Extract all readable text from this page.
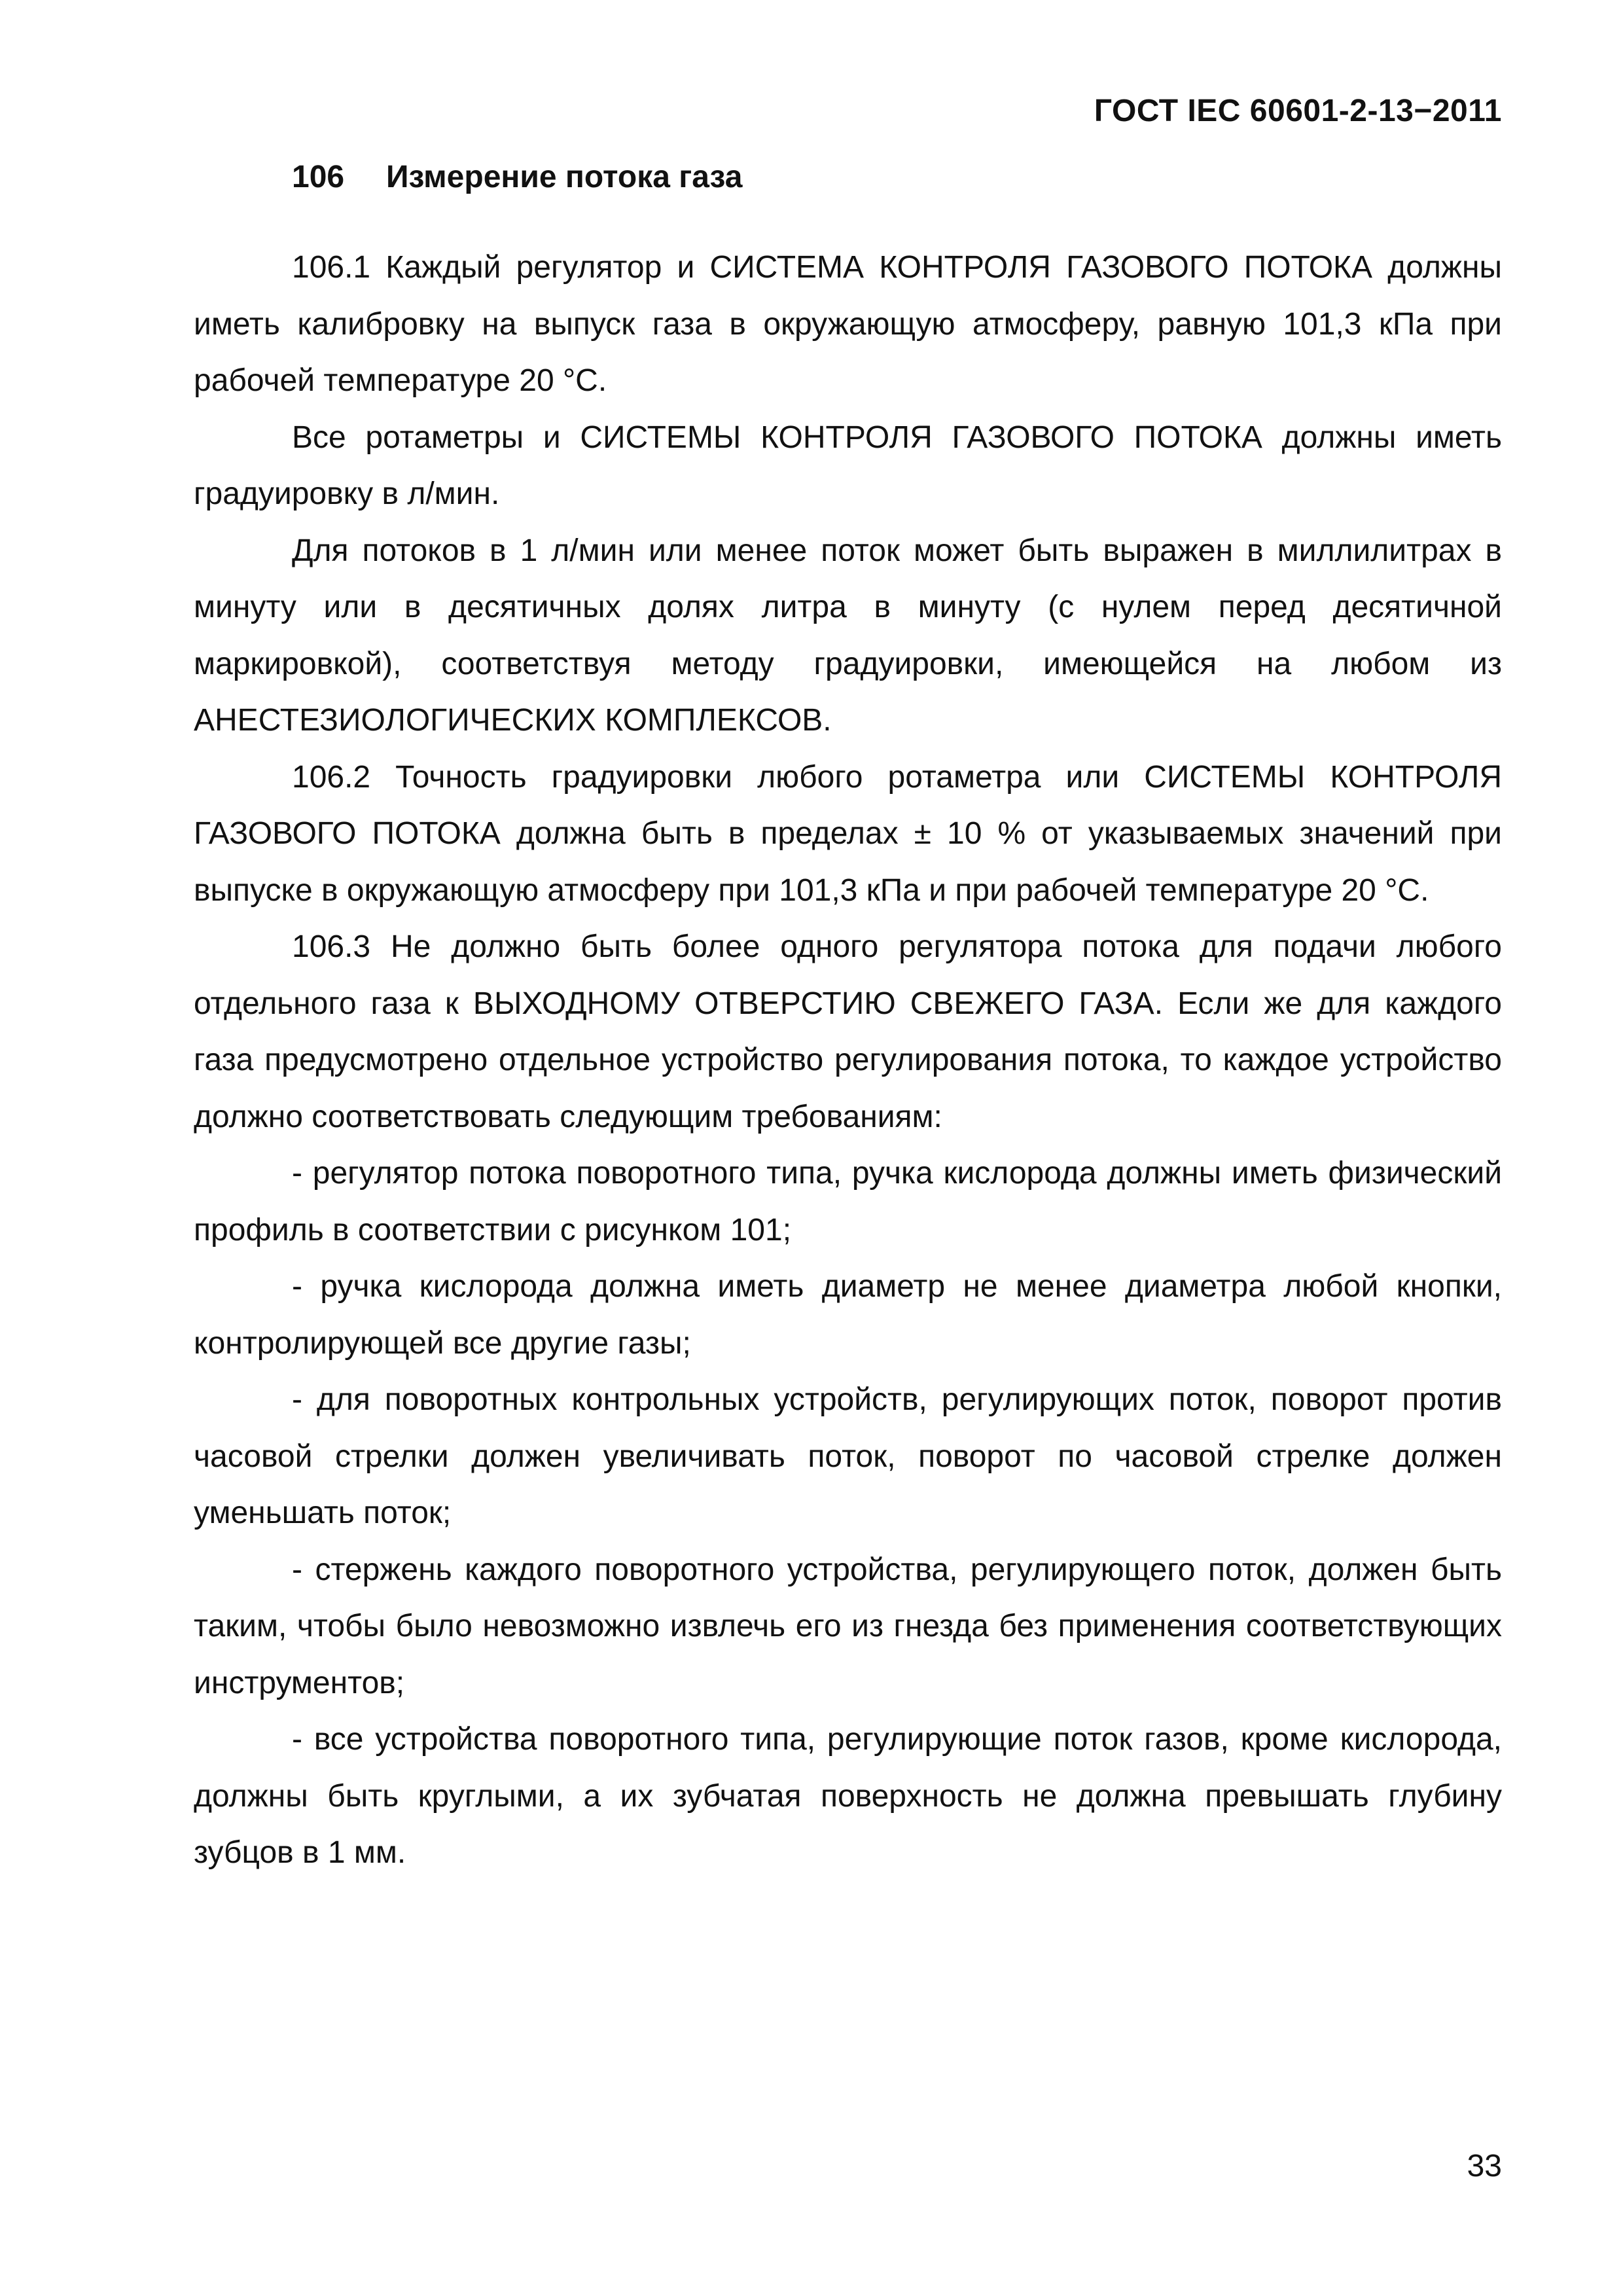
ГОСТ IEC 60601-2-13−2011
106 Измерение потока газа

106.1 Каждый регулятор и СИСТЕМА КОНТРОЛЯ ГАЗОВОГО ПОТОКА должны иметь калибровку на выпуск газа в окружающую атмосферу, равную 101,3 кПа при рабочей температуре 20 °С.

Все ротаметры и СИСТЕМЫ КОНТРОЛЯ ГАЗОВОГО ПОТОКА должны иметь градуировку в л/мин.

Для потоков в 1 л/мин или менее поток может быть выражен в миллилитрах в минуту или в десятичных долях литра в минуту (с нулем перед десятичной маркировкой), соответствуя методу градуировки, имеющейся на любом из АНЕСТЕЗИОЛОГИЧЕСКИХ КОМПЛЕКСОВ.

106.2 Точность градуировки любого ротаметра или СИСТЕМЫ КОНТРОЛЯ ГАЗОВОГО ПОТОКА должна быть в пределах ± 10 % от указываемых значений при выпуске в окружающую атмосферу при 101,3 кПа и при рабочей температуре 20 °С.

106.3 Не должно быть более одного регулятора потока для подачи любого отдельного газа к ВЫХОДНОМУ ОТВЕРСТИЮ СВЕЖЕГО ГАЗА. Если же для каждого газа предусмотрено отдельное устройство регулирования потока, то каждое устройство должно соответствовать следующим требованиям:

- регулятор потока поворотного типа, ручка кислорода должны иметь физический профиль в соответствии с рисунком 101;

- ручка кислорода должна иметь диаметр не менее диаметра любой кнопки, контролирующей все другие газы;

- для поворотных контрольных устройств, регулирующих поток, поворот против часовой стрелки должен увеличивать поток, поворот по часовой стрелке должен уменьшать поток;

- стержень каждого поворотного устройства, регулирующего поток, должен быть таким, чтобы было невозможно извлечь его из гнезда без применения соответствующих инструментов;

- все устройства поворотного типа, регулирующие поток газов, кроме кислорода, должны быть круглыми, а их зубчатая поверхность не должна превышать глубину зубцов в 1 мм.

33
